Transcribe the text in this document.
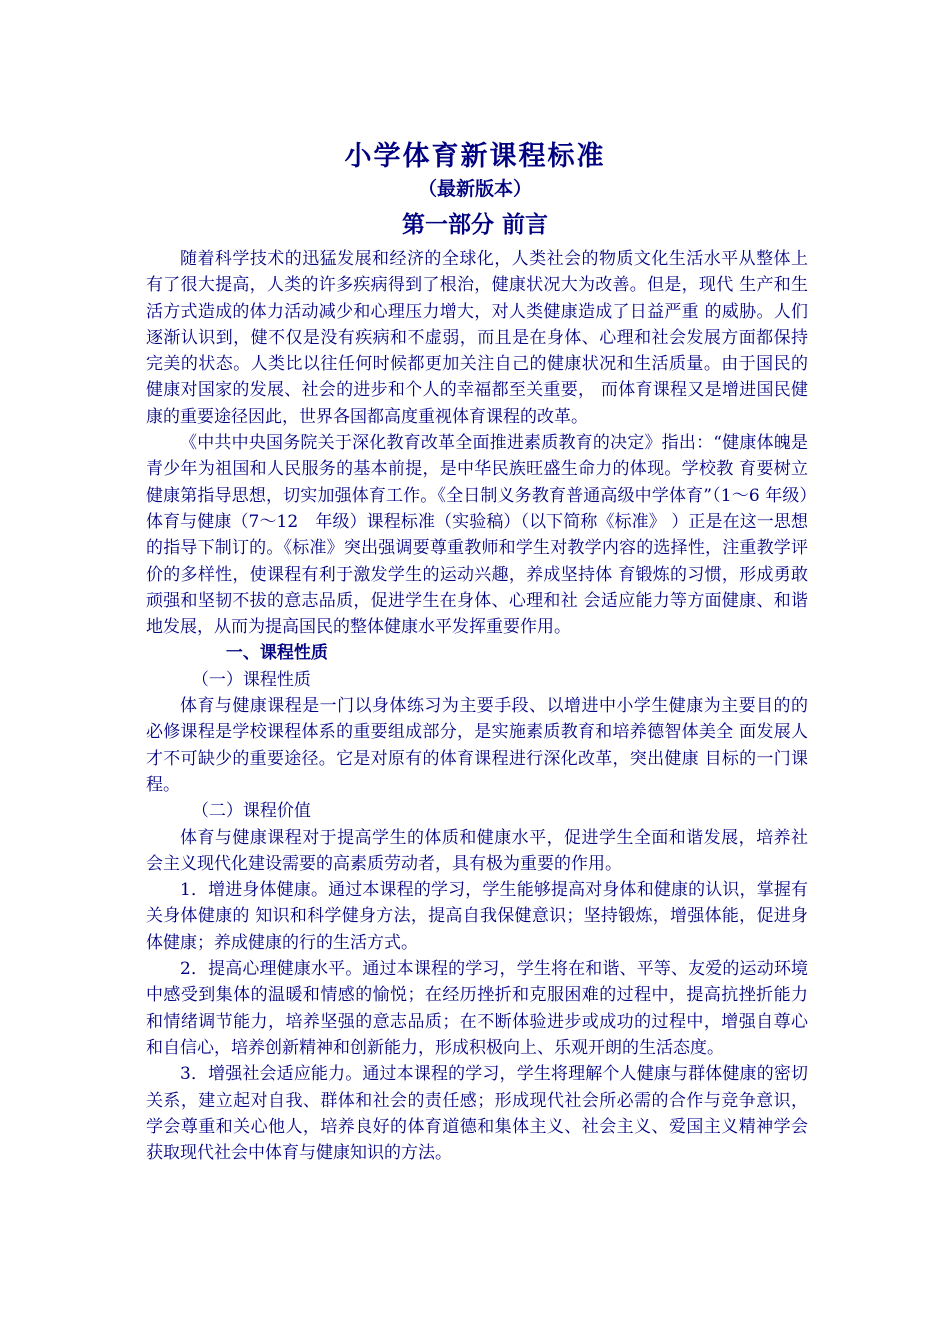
小学体育新课程标准
（最新版本）
第一部分 前言

随着科学技术的迅猛发展和经济的全球化，人类社会的物质文化生活水平从整体上有了很大提高，人类的许多疾病得到了根治，健康状况大为改善。但是，现代 生产和生活方式造成的体力活动减少和心理压力增大，对人类健康造成了日益严重 的威胁。人们逐渐认识到，健不仅是没有疾病和不虚弱，而且是在身体、心理和社会发展方面都保持完美的状态。人类比以往任何时候都更加关注自己的健康状况和生活质量。由于国民的健康对国家的发展、社会的进步和个人的幸福都至关重要， 而体育课程又是增进国民健康的重要途径因此，世界各国都高度重视体育课程的改革。

《中共中央国务院关于深化教育改革全面推进素质教育的决定》指出：“健康体魄是青少年为祖国和人民服务的基本前提，是中华民族旺盛生命力的体现。学校教 育要树立健康第指导思想，切实加强体育工作。《全日制义务教育普通高级中学体育”（1～6 年级）体育与健康（7～12　年级）课程标准（实验稿）（以下简称《标准》 ）正是在这一思想的指导下制订的。《标准》突出强调要尊重教师和学生对教学内容的选择性，注重教学评价的多样性，使课程有利于激发学生的运动兴趣，养成坚持体 育锻炼的习惯，形成勇敢顽强和坚韧不拔的意志品质，促进学生在身体、心理和社 会适应能力等方面健康、和谐地发展，从而为提高国民的整体健康水平发挥重要作用。

一、课程性质

（一）课程性质

体育与健康课程是一门以身体练习为主要手段、以增进中小学生健康为主要目的的必修课程是学校课程体系的重要组成部分，是实施素质教育和培养德智体美全 面发展人才不可缺少的重要途径。它是对原有的体育课程进行深化改革，突出健康 目标的一门课程。

（二）课程价值

体育与健康课程对于提高学生的体质和健康水平，促进学生全面和谐发展，培养社会主义现代化建设需要的高素质劳动者，具有极为重要的作用。

1．增进身体健康。通过本课程的学习，学生能够提高对身体和健康的认识，掌握有关身体健康的 知识和科学健身方法，提高自我保健意识；坚持锻炼，增强体能，促进身体健康；养成健康的行的生活方式。

2．提高心理健康水平。通过本课程的学习，学生将在和谐、平等、友爱的运动环境中感受到集体的温暖和情感的愉悦；在经历挫折和克服困难的过程中，提高抗挫折能力和情绪调节能力，培养坚强的意志品质；在不断体验进步或成功的过程中，增强自尊心和自信心，培养创新精神和创新能力，形成积极向上、乐观开朗的生活态度。

3．增强社会适应能力。通过本课程的学习，学生将理解个人健康与群体健康的密切关系，建立起对自我、群体和社会的责任感；形成现代社会所必需的合作与竞争意识，学会尊重和关心他人，培养良好的体育道德和集体主义、社会主义、爱国主义精神学会获取现代社会中体育与健康知识的方法。
